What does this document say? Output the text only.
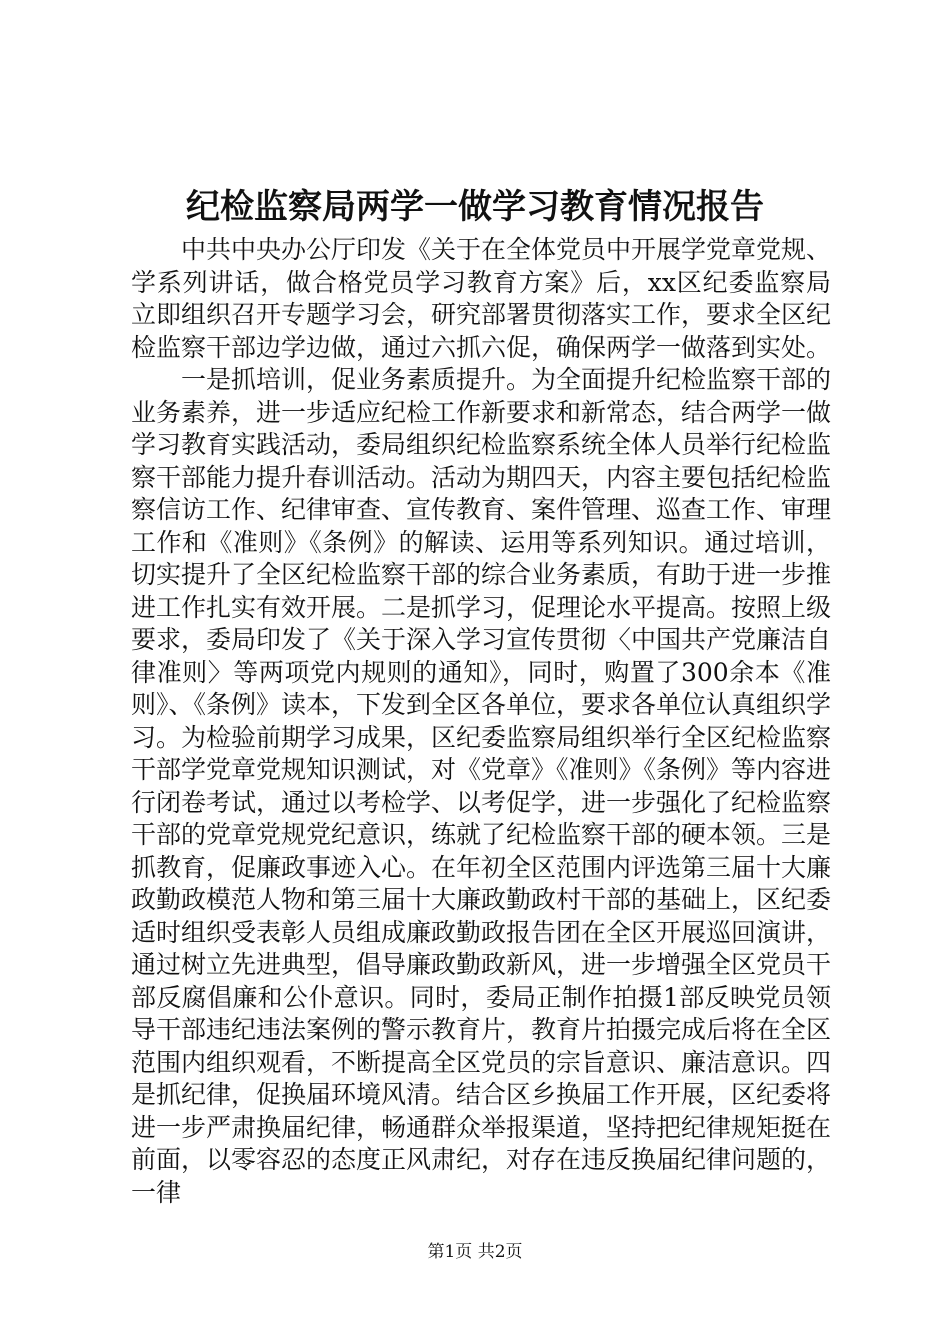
纪检监察局两学一做学习教育情况报告

中共中央办公厅印发《关于在全体党员中开展学党章党规、学系列讲话，做合格党员学习教育方案》后，xx区纪委监察局立即组织召开专题学习会，研究部署贯彻落实工作，要求全区纪检监察干部边学边做，通过六抓六促，确保两学一做落到实处。

一是抓培训，促业务素质提升。为全面提升纪检监察干部的业务素养，进一步适应纪检工作新要求和新常态，结合两学一做学习教育实践活动，委局组织纪检监察系统全体人员举行纪检监察干部能力提升春训活动。活动为期四天，内容主要包括纪检监察信访工作、纪律审查、宣传教育、案件管理、巡查工作、审理工作和《准则》《条例》的解读、运用等系列知识。通过培训，切实提升了全区纪检监察干部的综合业务素质，有助于进一步推进工作扎实有效开展。二是抓学习，促理论水平提高。按照上级要求，委局印发了《关于深入学习宣传贯彻〈中国共产党廉洁自律准则〉等两项党内规则的通知》，同时，购置了300余本《准则》、《条例》读本，下发到全区各单位，要求各单位认真组织学习。为检验前期学习成果，区纪委监察局组织举行全区纪检监察干部学党章党规知识测试，对《党章》《准则》《条例》等内容进行闭卷考试，通过以考检学、以考促学，进一步强化了纪检监察干部的党章党规党纪意识，练就了纪检监察干部的硬本领。三是抓教育，促廉政事迹入心。在年初全区范围内评选第三届十大廉政勤政模范人物和第三届十大廉政勤政村干部的基础上，区纪委适时组织受表彰人员组成廉政勤政报告团在全区开展巡回演讲，通过树立先进典型，倡导廉政勤政新风，进一步增强全区党员干部反腐倡廉和公仆意识。同时，委局正制作拍摄1部反映党员领导干部违纪违法案例的警示教育片，教育片拍摄完成后将在全区范围内组织观看，不断提高全区党员的宗旨意识、廉洁意识。四是抓纪律，促换届环境风清。结合区乡换届工作开展，区纪委将进一步严肃换届纪律，畅通群众举报渠道，坚持把纪律规矩挺在前面，以零容忍的态度正风肃纪，对存在违反换届纪律问题的，一律

第1页 共2页
